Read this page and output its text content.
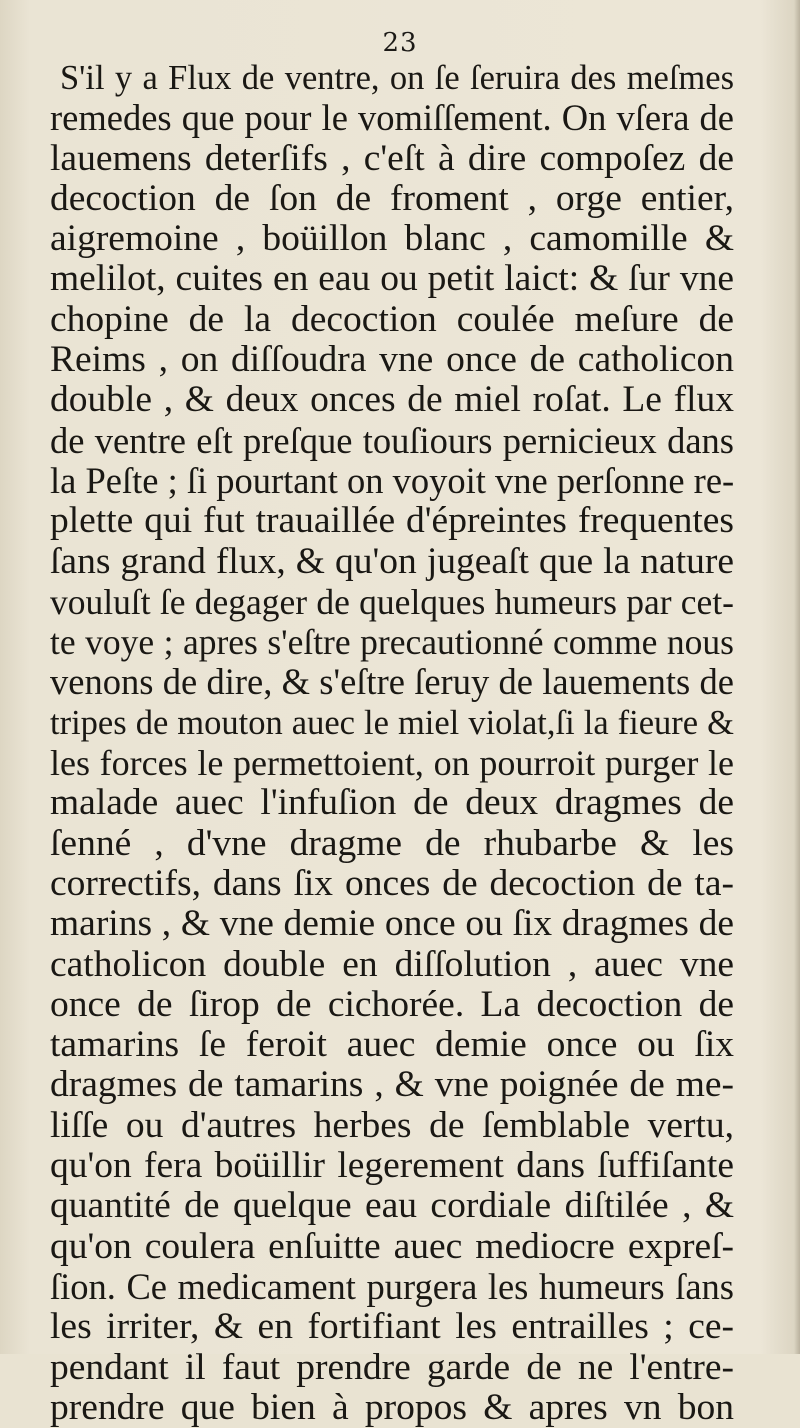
23
S'il y a Flux de ventre, on ſe ſeruira des meſmes
remedes que pour le vomiſſement. On vſera de
lauemens deterſifs , c'eſt à dire compoſez de
decoction de ſon de froment , orge entier,
aigremoine , boüillon blanc , camomille &
melilot, cuites en eau ou petit laict: & ſur vne
chopine de la decoction coulée meſure de
Reims , on diſſoudra vne once de catholicon
double , & deux onces de miel roſat. Le flux
de ventre eſt preſque touſiours pernicieux dans
la Peſte ; ſi pourtant on voyoit vne perſonne re-
plette qui fut trauaillée d'épreintes frequentes
ſans grand flux, & qu'on jugeaſt que la nature
vouluſt ſe degager de quelques humeurs par cet-
te voye ; apres s'eſtre precautionné comme nous
venons de dire, & s'eſtre ſeruy de lauements de
tripes de mouton auec le miel violat,ſi la fieure &
les forces le permettoient, on pourroit purger le
malade auec l'infuſion de deux dragmes de
ſenné , d'vne dragme de rhubarbe & les
correctifs, dans ſix onces de decoction de ta-
marins , & vne demie once ou ſix dragmes de
catholicon double en diſſolution , auec vne
once de ſirop de cichorée. La decoction de
tamarins ſe feroit auec demie once ou ſix
dragmes de tamarins , & vne poignée de me-
liſſe ou d'autres herbes de ſemblable vertu,
qu'on fera boüillir legerement dans ſuffiſante
quantité de quelque eau cordiale diſtilée , &
qu'on coulera enſuitte auec mediocre expreſ-
ſion. Ce medicament purgera les humeurs ſans
les irriter, & en fortifiant les entrailles ; ce-
pendant il faut prendre garde de ne l'entre-
prendre que bien à propos & apres vn bon
